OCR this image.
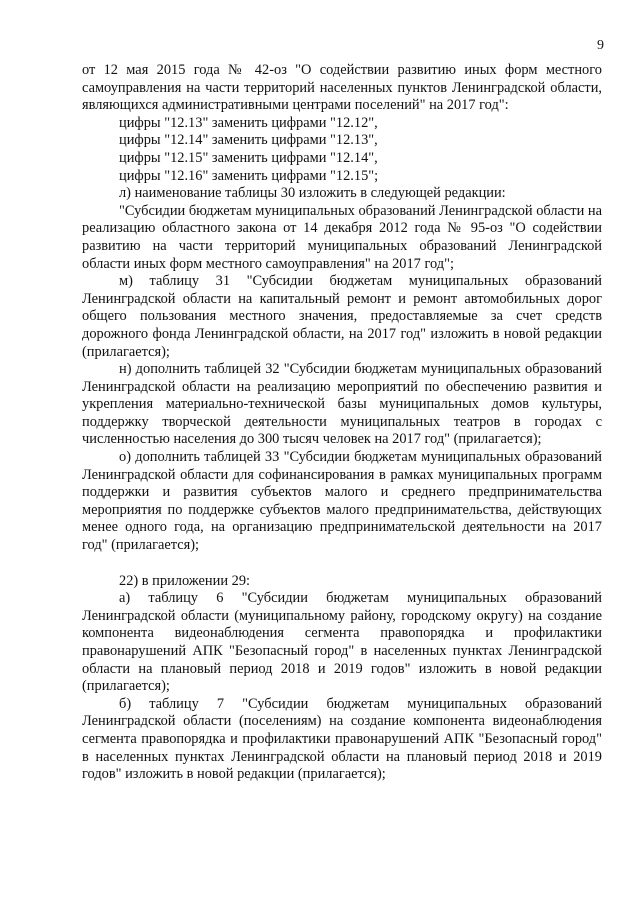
9

от 12 мая 2015 года № 42-оз "О содействии развитию иных форм местного самоуправления на части территорий населенных пунктов Ленинградской области, являющихся административными центрами поселений" на 2017 год":

цифры "12.13" заменить цифрами "12.12",

цифры "12.14" заменить цифрами "12.13",

цифры "12.15" заменить цифрами "12.14",

цифры "12.16" заменить цифрами "12.15";

л) наименование таблицы 30 изложить в следующей редакции:

"Субсидии бюджетам муниципальных образований Ленинградской области на реализацию областного закона от 14 декабря 2012 года № 95-оз "О содействии развитию на части территорий муниципальных образований Ленинградской области иных форм местного самоуправления" на 2017 год";

м) таблицу 31 "Субсидии бюджетам муниципальных образований Ленинградской области на капитальный ремонт и ремонт автомобильных дорог общего пользования местного значения, предоставляемые за счет средств дорожного фонда Ленинградской области, на 2017 год" изложить в новой редакции (прилагается);

н) дополнить таблицей 32 "Субсидии бюджетам муниципальных образований Ленинградской области на реализацию мероприятий по обеспечению развития и укрепления материально-технической базы муниципальных домов культуры, поддержку творческой деятельности муниципальных театров в городах с численностью населения до 300 тысяч человек на 2017 год" (прилагается);

о) дополнить таблицей 33 "Субсидии бюджетам муниципальных образований Ленинградской области для софинансирования в рамках муниципальных программ поддержки и развития субъектов малого и среднего предпринимательства мероприятия по поддержке субъектов малого предпринимательства, действующих менее одного года, на организацию предпринимательской деятельности на 2017 год" (прилагается);

22) в приложении 29:

а) таблицу 6 "Субсидии бюджетам муниципальных образований Ленинградской области (муниципальному району, городскому округу) на создание компонента видеонаблюдения сегмента правопорядка и профилактики правонарушений АПК "Безопасный город" в населенных пунктах Ленинградской области на плановый период 2018 и 2019 годов" изложить в новой редакции (прилагается);

б) таблицу 7 "Субсидии бюджетам муниципальных образований Ленинградской области (поселениям) на создание компонента видеонаблюдения сегмента правопорядка и профилактики правонарушений АПК "Безопасный город" в населенных пунктах Ленинградской области на плановый период 2018 и 2019 годов" изложить в новой редакции (прилагается);
